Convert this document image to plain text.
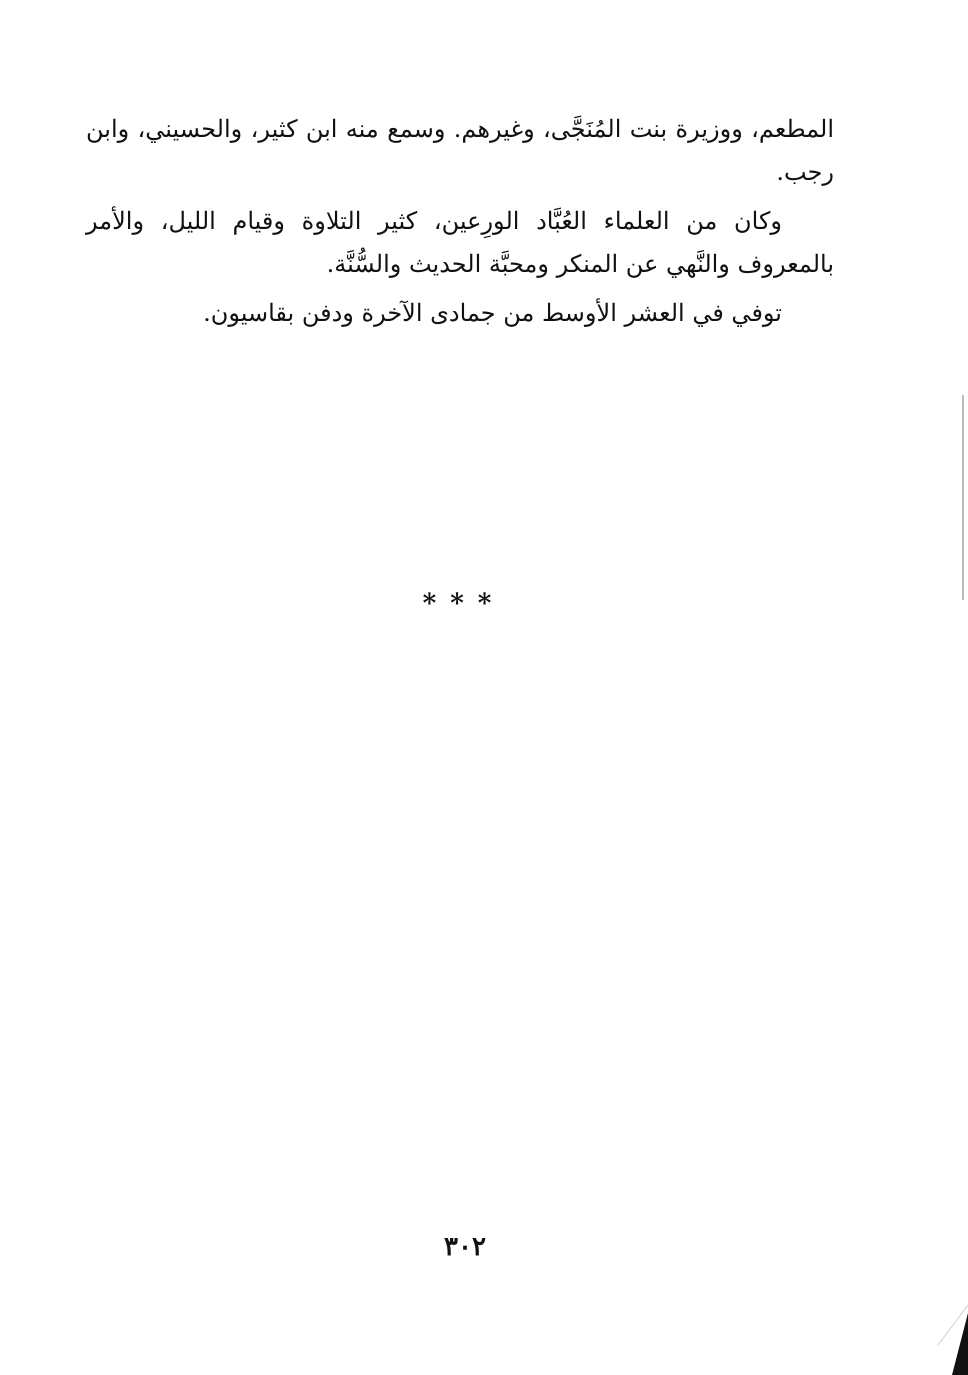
المطعم، ووزيرة بنت المُنَجَّى، وغيرهم. وسمع منه ابن كثير، والحسيني، وابن رجب.

وكان من العلماء العُبَّاد الورِعين، كثير التلاوة وقيام الليل، والأمر بالمعروف والنَّهي عن المنكر ومحبَّة الحديث والسُّنَّة.

توفي في العشر الأوسط من جمادى الآخرة ودفن بقاسيون.

***
٣٠٢
